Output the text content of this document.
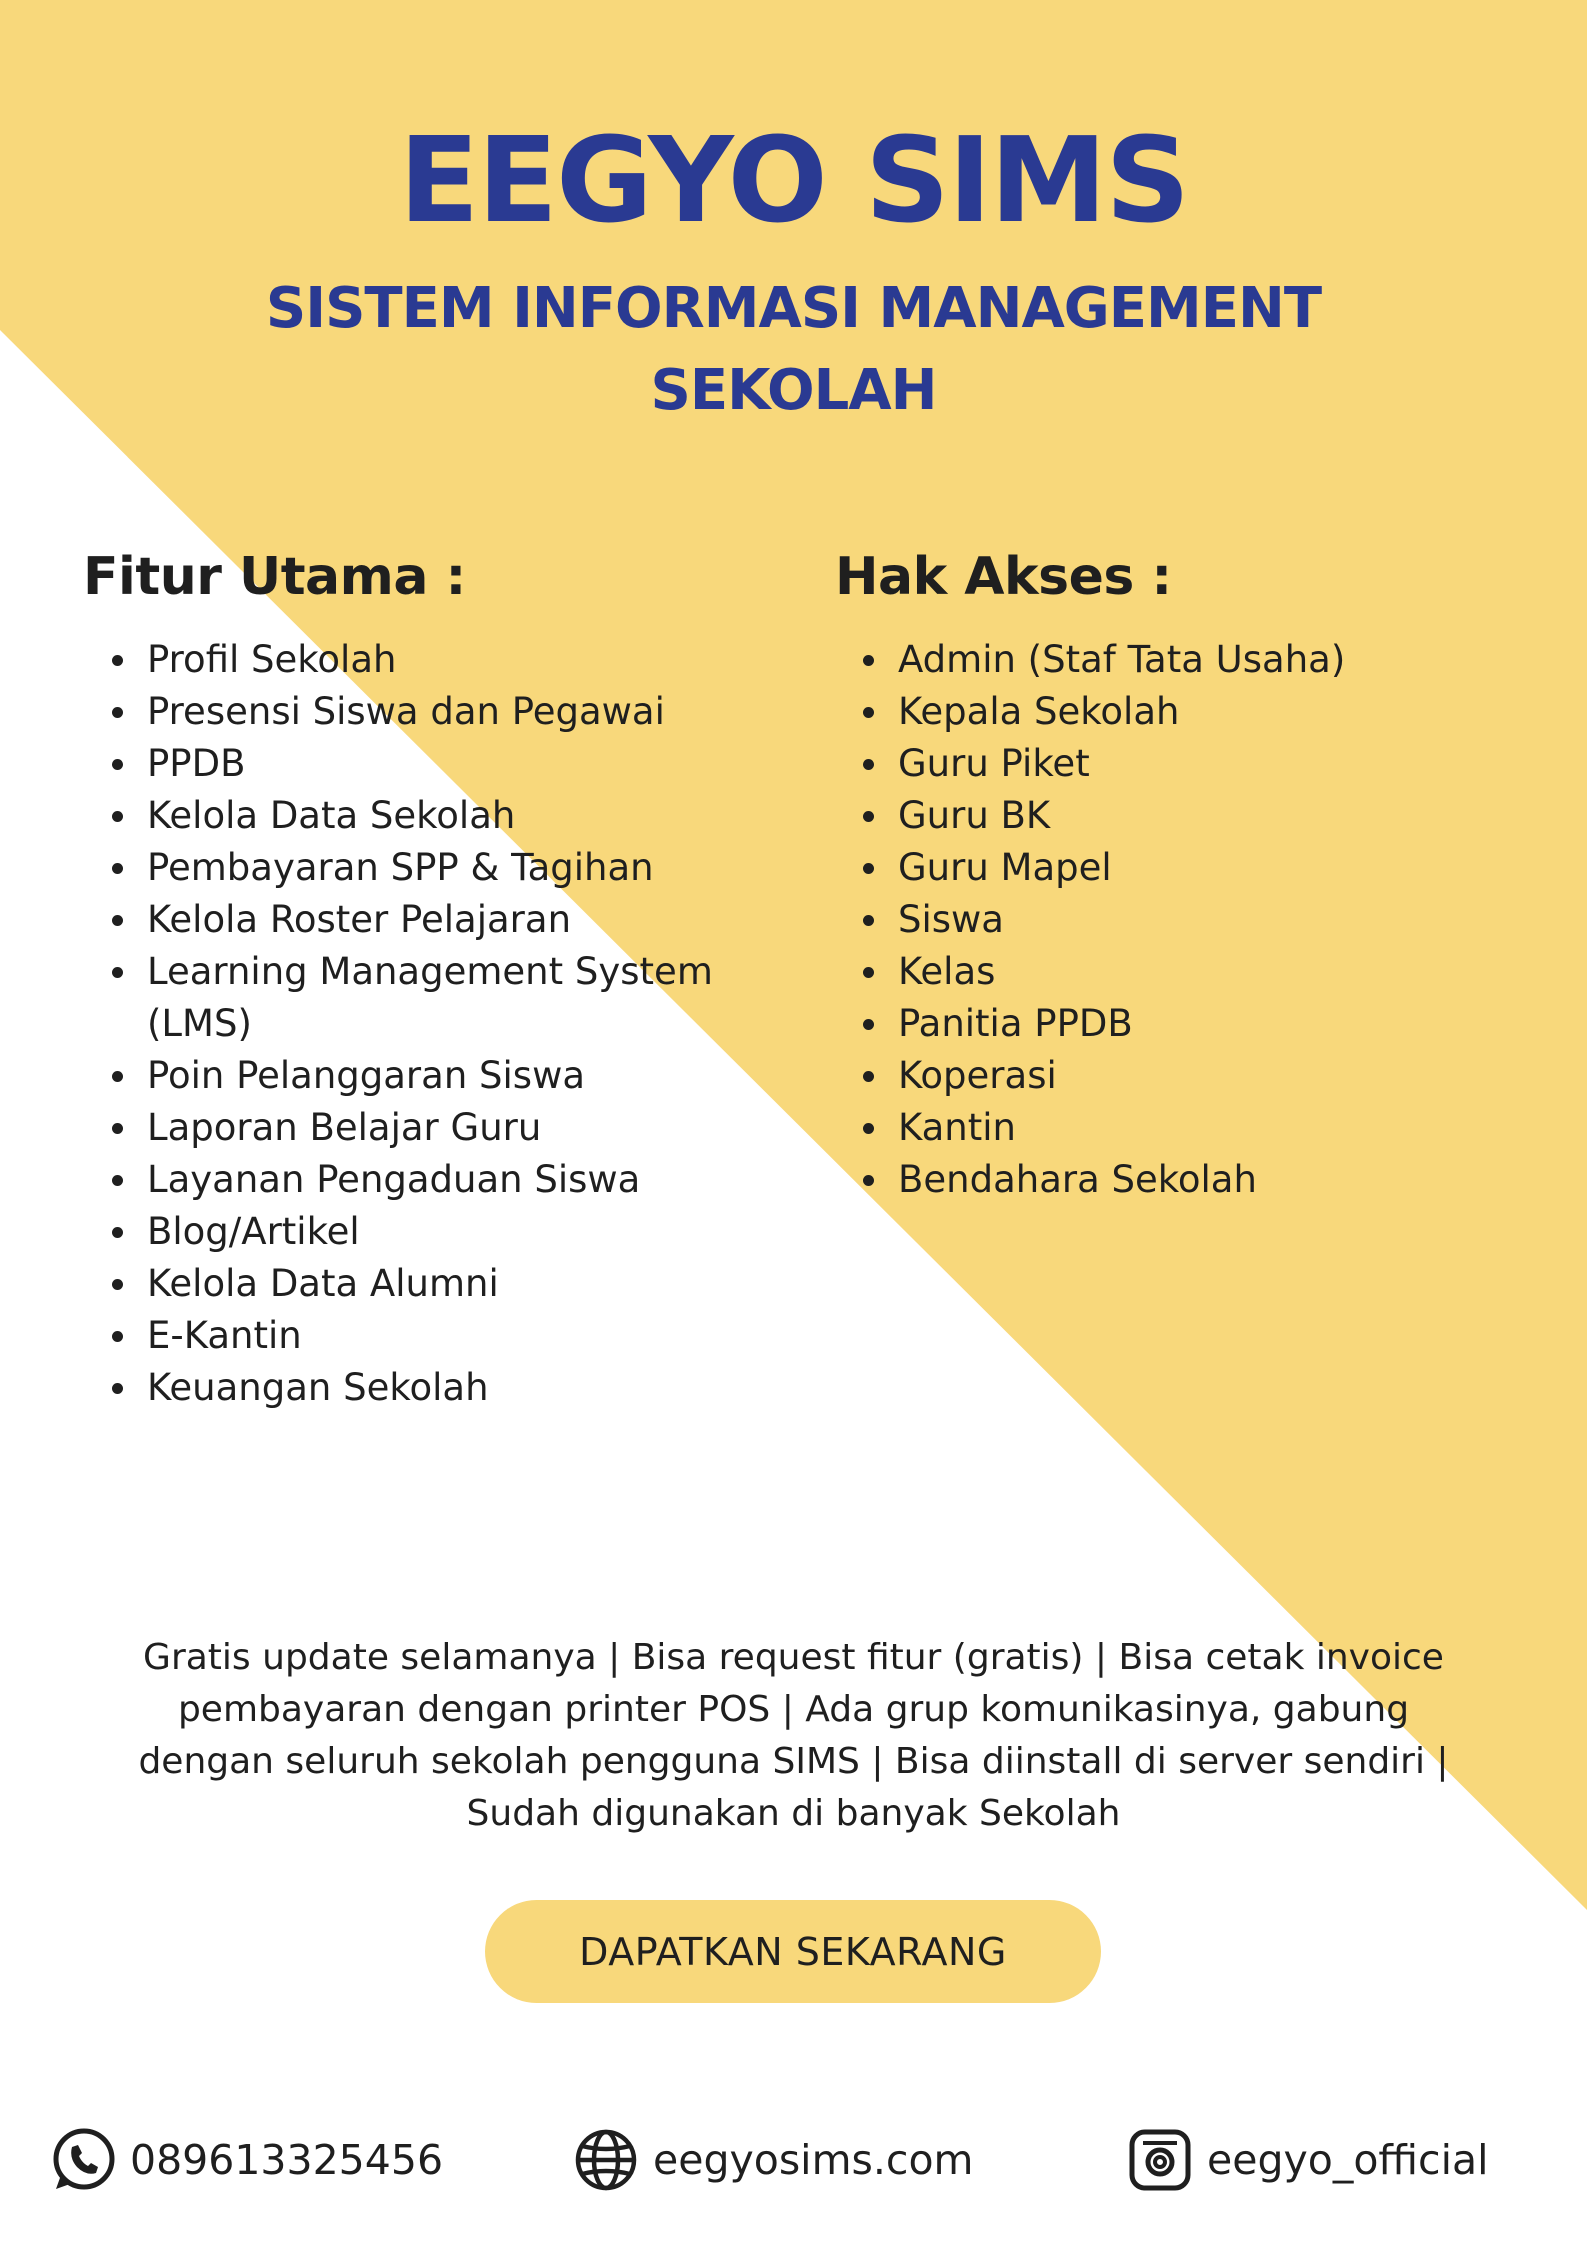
EEGYO SIMS
SISTEM INFORMASI MANAGEMENT SEKOLAH
Fitur Utama :
Profil Sekolah
Presensi Siswa dan Pegawai
PPDB
Kelola Data Sekolah
Pembayaran SPP & Tagihan
Kelola Roster Pelajaran
Learning Management System (LMS)
Poin Pelanggaran Siswa
Laporan Belajar Guru
Layanan Pengaduan Siswa
Blog/Artikel
Kelola Data Alumni
E-Kantin
Keuangan Sekolah
Hak Akses :
Admin (Staf Tata Usaha)
Kepala Sekolah
Guru Piket
Guru BK
Guru Mapel
Siswa
Kelas
Panitia PPDB
Koperasi
Kantin
Bendahara Sekolah

Gratis update selamanya | Bisa request fitur (gratis) | Bisa cetak invoice pembayaran dengan printer POS | Ada grup komunikasinya, gabung dengan seluruh sekolah pengguna SIMS | Bisa diinstall di server sendiri | Sudah digunakan di banyak Sekolah

DAPATKAN SEKARANG
089613325456	eegyosims.com	eegyo_official
